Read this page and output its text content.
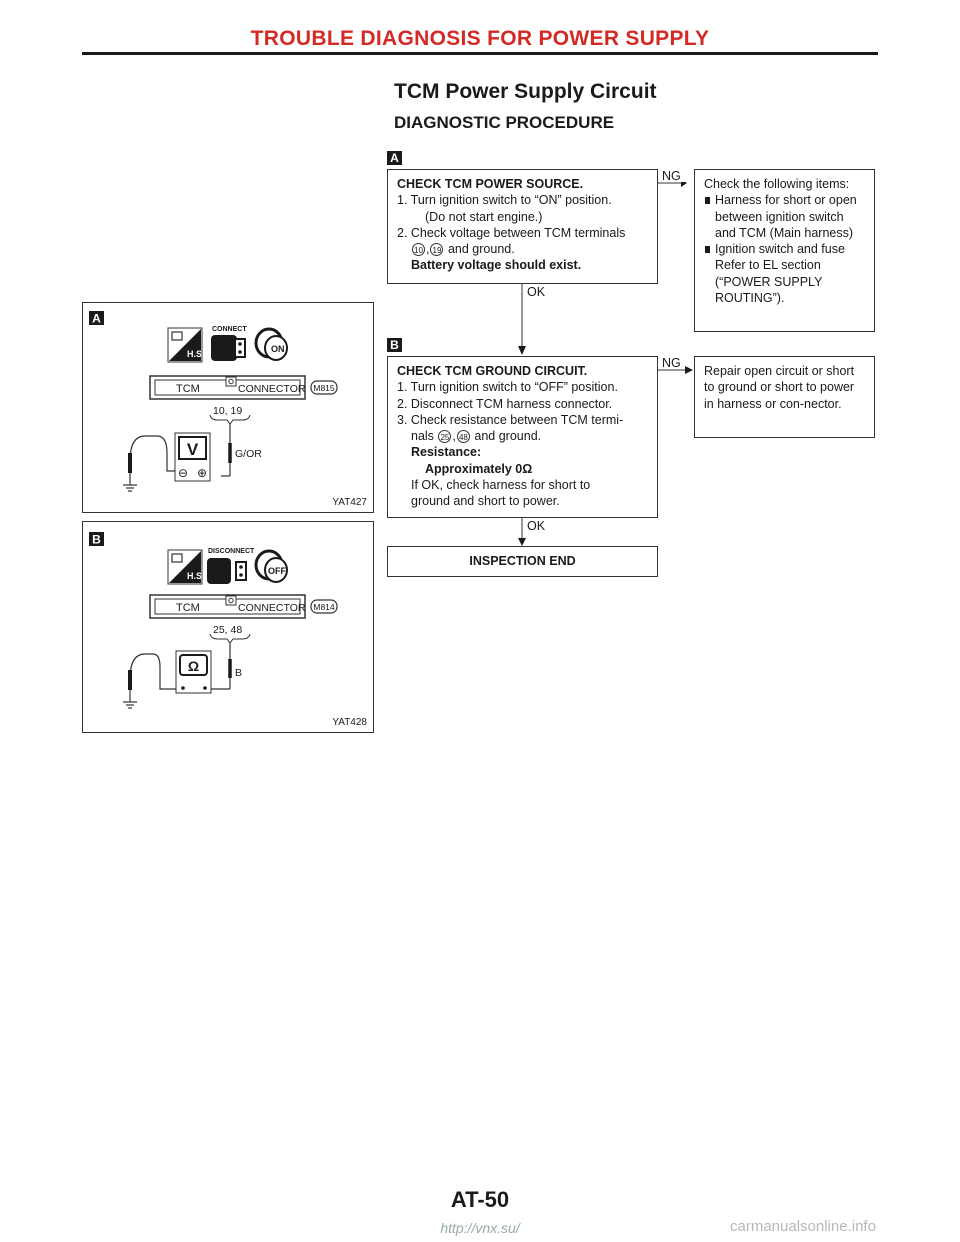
TROUBLE DIAGNOSIS FOR POWER SUPPLY
TCM Power Supply Circuit
DIAGNOSTIC PROCEDURE
A
CHECK TCM POWER SOURCE.
1. Turn ignition switch to “ON” position.
(Do not start engine.)
2. Check voltage between TCM terminals
10 , 19 and ground.
Battery voltage should exist.
NG
Check the following items:
Harness for short or open between ignition switch and TCM (Main harness)
Ignition switch and fuse Refer to EL section (“POWER SUPPLY ROUTING”).
OK
B
CHECK TCM GROUND CIRCUIT.
1. Turn ignition switch to “OFF” position.
2. Disconnect TCM harness connector.
3. Check resistance between TCM termi-
nals 25 , 48 and ground.
Resistance:
Approximately 0Ω
If OK, check harness for short to
ground and short to power.
NG
Repair open circuit or short to ground or short to power in harness or con-nector.
OK
INSPECTION END
A
H.S.
CONNECT
ON
TCM	CONNECTOR M815
10, 19
G/OR
V
⊖ ⊕
YAT427
B
H.S.
DISCONNECT
OFF
TCM	CONNECTOR M814
25, 48
B
Ω
YAT428
AT-50
http://vnx.su/	carmanualsonline.info
